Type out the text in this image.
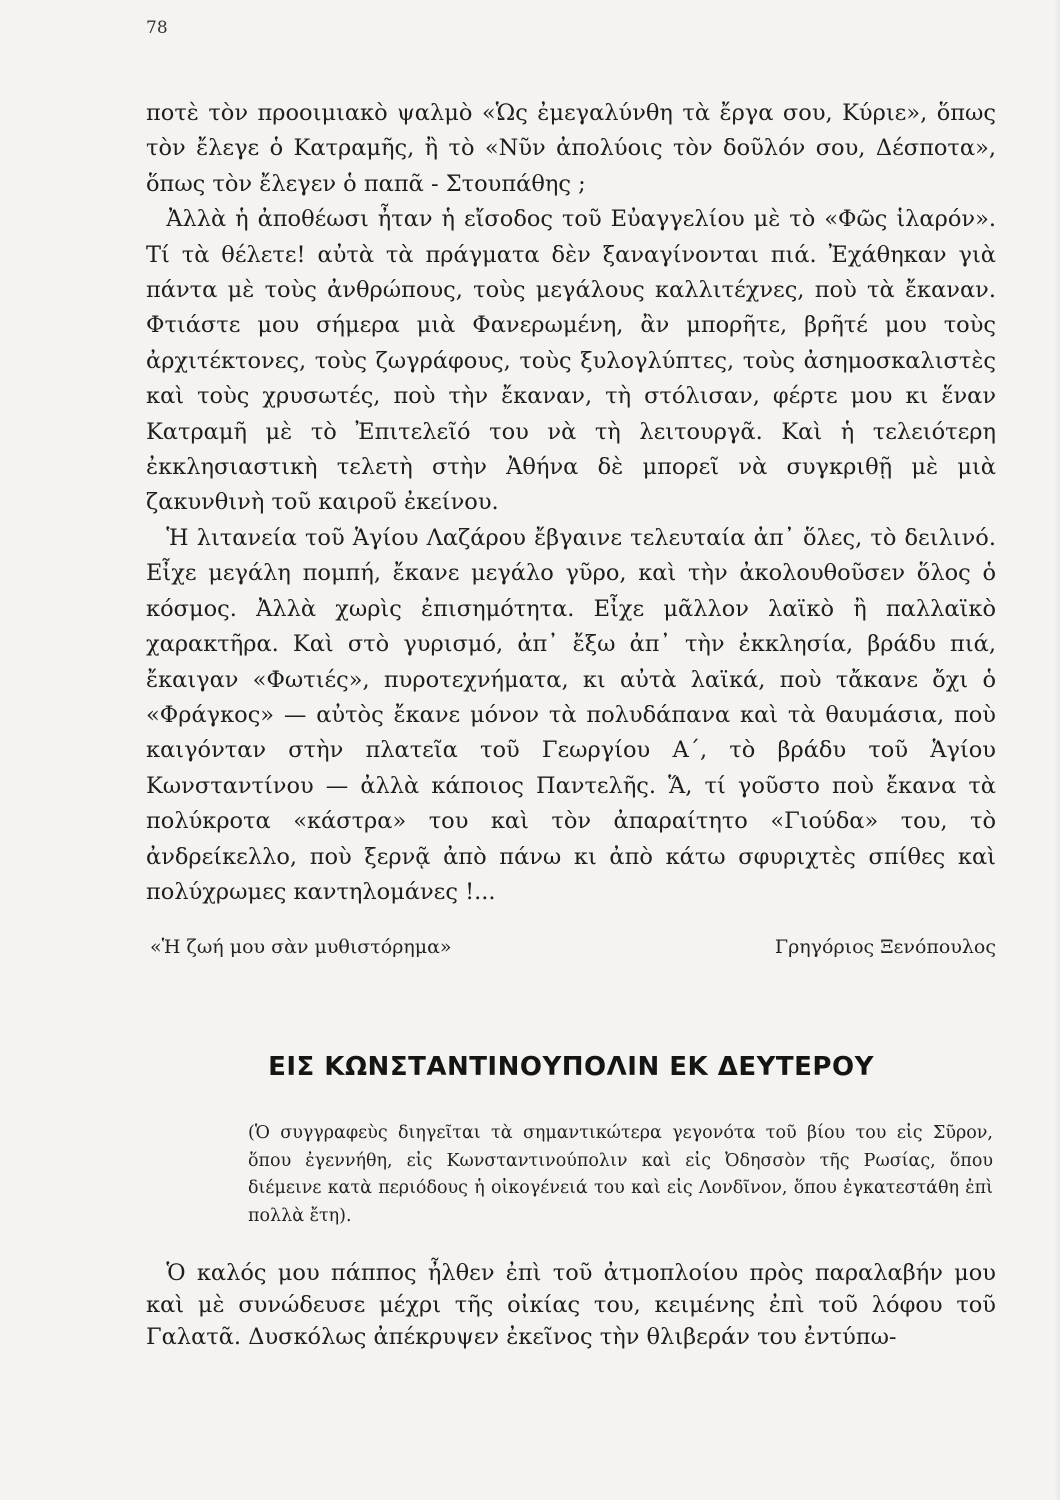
78

ποτὲ τὸν προοιμιακὸ ψαλμὸ «Ὡς ἐμεγαλύνθη τὰ ἔργα σου, Κύριε», ὅπως τὸν ἔλεγε ὁ Κατραμῆς, ἢ τὸ «Νῦν ἀπολύοις τὸν δοῦλόν σου, Δέσποτα», ὅπως τὸν ἔλεγεν ὁ παπᾶ - Στουπάθης ;

Ἀλλὰ ἡ ἀποθέωσι ἦταν ἡ εἴσοδος τοῦ Εὐαγγελίου μὲ τὸ «Φῶς ἱλαρόν». Τί τὰ θέλετε! αὐτὰ τὰ πράγματα δὲν ξαναγίνονται πιά. Ἐχάθηκαν γιὰ πάντα μὲ τοὺς ἀνθρώπους, τοὺς μεγάλους καλλιτέχνες, ποὺ τὰ ἔκαναν. Φτιάστε μου σήμερα μιὰ Φανερωμένη, ἂν μπορῆτε, βρῆτέ μου τοὺς ἀρχιτέκτονες, τοὺς ζωγράφους, τοὺς ξυλογλύπτες, τοὺς ἀσημοσκαλιστὲς καὶ τοὺς χρυσωτές, ποὺ τὴν ἔκαναν, τὴ στόλισαν, φέρτε μου κι ἕναν Κατραμῆ μὲ τὸ Ἐπιτελεῖό του νὰ τὴ λειτουργᾶ. Καὶ ἡ τελειότερη ἐκκλησιαστικὴ τελετὴ στὴν Ἀθήνα δὲ μπορεῖ νὰ συγκριθῇ μὲ μιὰ ζακυνθινὴ τοῦ καιροῦ ἐκείνου.

Ἡ λιτανεία τοῦ Ἁγίου Λαζάρου ἔβγαινε τελευταία ἀπ᾿ ὅλες, τὸ δειλινό. Εἶχε μεγάλη πομπή, ἔκανε μεγάλο γῦρο, καὶ τὴν ἀκολουθοῦσεν ὅλος ὁ κόσμος. Ἀλλὰ χωρὶς ἐπισημότητα. Εἶχε μᾶλλον λαϊκὸ ἢ παλλαϊκὸ χαρακτῆρα. Καὶ στὸ γυρισμό, ἀπ᾿ ἔξω ἀπ᾿ τὴν ἐκκλησία, βράδυ πιά, ἔκαιγαν «Φωτιές», πυροτεχνήματα, κι αὐτὰ λαϊκά, ποὺ τἄκανε ὄχι ὁ «Φράγκος» — αὐτὸς ἔκανε μόνον τὰ πολυδάπανα καὶ τὰ θαυμάσια, ποὺ καιγόνταν στὴν πλατεῖα τοῦ Γεωργίου Α΄, τὸ βράδυ τοῦ Ἁγίου Κωνσταντίνου — ἀλλὰ κάποιος Παντελῆς. Ἅ, τί γοῦστο ποὺ ἔκανα τὰ πολύκροτα «κάστρα» του καὶ τὸν ἀπαραίτητο «Γιούδα» του, τὸ ἀνδρείκελλο, ποὺ ξερνᾷ ἀπὸ πάνω κι ἀπὸ κάτω σφυριχτὲς σπίθες καὶ πολύχρωμες καντηλομάνες !...

«Ἡ ζωή μου σὰν μυθιστόρημα»	Γρηγόριος Ξενόπουλος
ΕΙΣ ΚΩΝΣΤΑΝΤΙΝΟΥΠΟΛΙΝ ΕΚ ΔΕΥΤΕΡΟΥ

(Ὁ συγγραφεὺς διηγεῖται τὰ σημαντικώτερα γεγονότα τοῦ βίου του εἰς Σῦρον, ὅπου ἐγεννήθη, εἰς Κωνσταντινούπολιν καὶ εἰς Ὀδησσὸν τῆς Ρωσίας, ὅπου διέμεινε κατὰ περιόδους ἡ οἰκογένειά του καὶ εἰς Λονδῖνον, ὅπου ἐγκατεστάθη ἐπὶ πολλὰ ἔτη).

Ὁ καλός μου πάππος ἦλθεν ἐπὶ τοῦ ἀτμοπλοίου πρὸς παραλαβήν μου καὶ μὲ συνώδευσε μέχρι τῆς οἰκίας του, κειμένης ἐπὶ τοῦ λόφου τοῦ Γαλατᾶ. Δυσκόλως ἀπέκρυψεν ἐκεῖνος τὴν θλιβεράν του ἐντύπω-
